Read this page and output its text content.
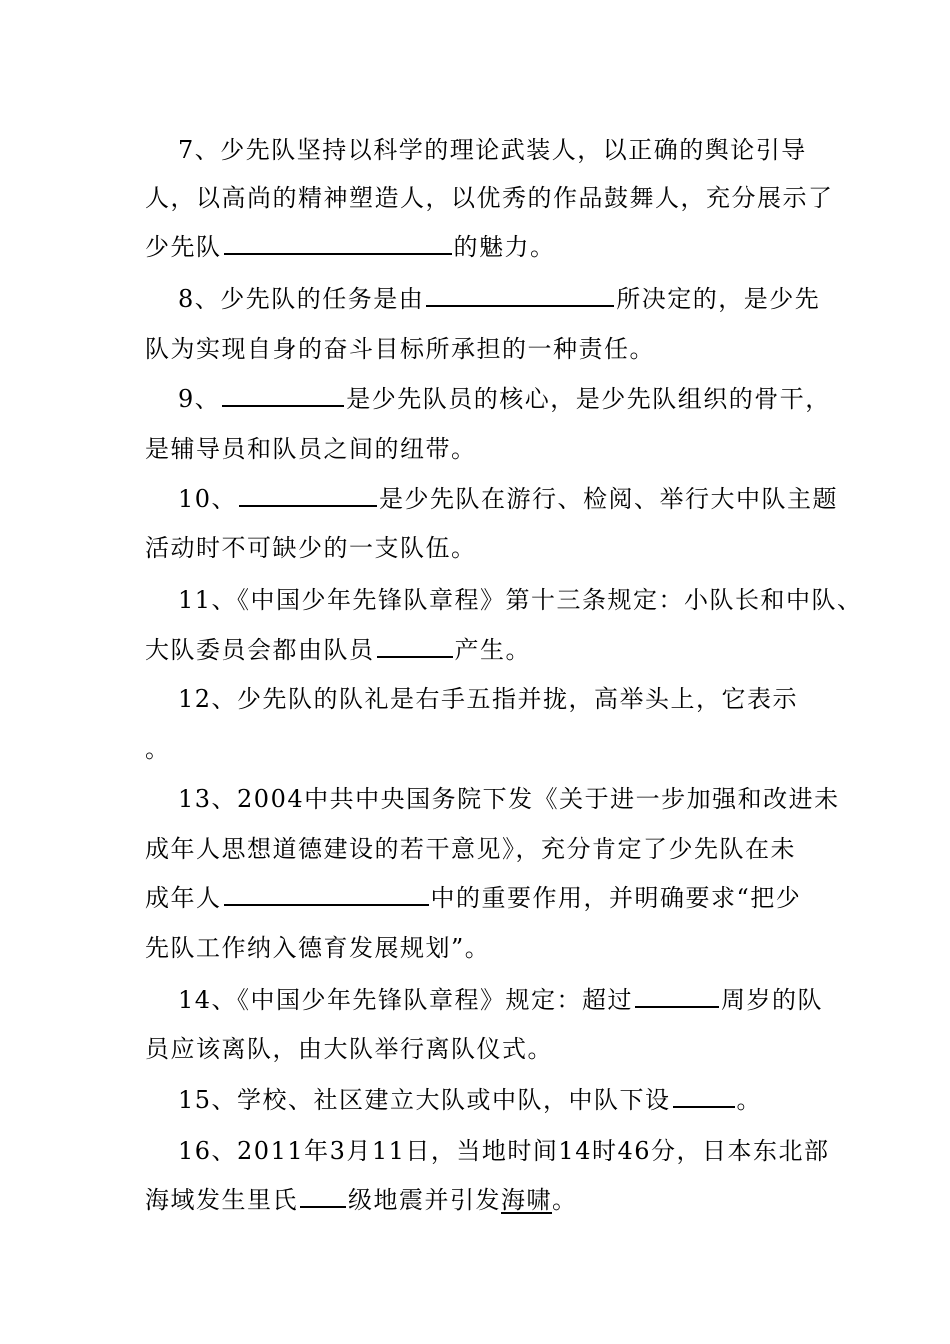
7、少先队坚持以科学的理论武装人，以正确的舆论引导
人，以高尚的精神塑造人，以优秀的作品鼓舞人，充分展示了
少先队	的魅力。
8、少先队的任务是由	所决定的，是少先
队为实现自身的奋斗目标所承担的一种责任。
9、	是少先队员的核心，是少先队组织的骨干，
是辅导员和队员之间的纽带。
10、	是少先队在游行、检阅、举行大中队主题
活动时不可缺少的一支队伍。
11、《中国少年先锋队章程》第十三条规定：小队长和中队、
大队委员会都由队员	产生。
12、少先队的队礼是右手五指并拢，高举头上，它表示
。
13、2004中共中央国务院下发《关于进一步加强和改进未
成年人思想道德建设的若干意见》，充分肯定了少先队在未
成年人	中的重要作用，并明确要求“把少
先队工作纳入德育发展规划”。
14、《中国少年先锋队章程》规定：超过	周岁的队
员应该离队，由大队举行离队仪式。
15、学校、社区建立大队或中队，中队下设	。
16、2011年3月11日，当地时间14时46分，日本东北部
海域发生里氏 级地震并引发海啸。
